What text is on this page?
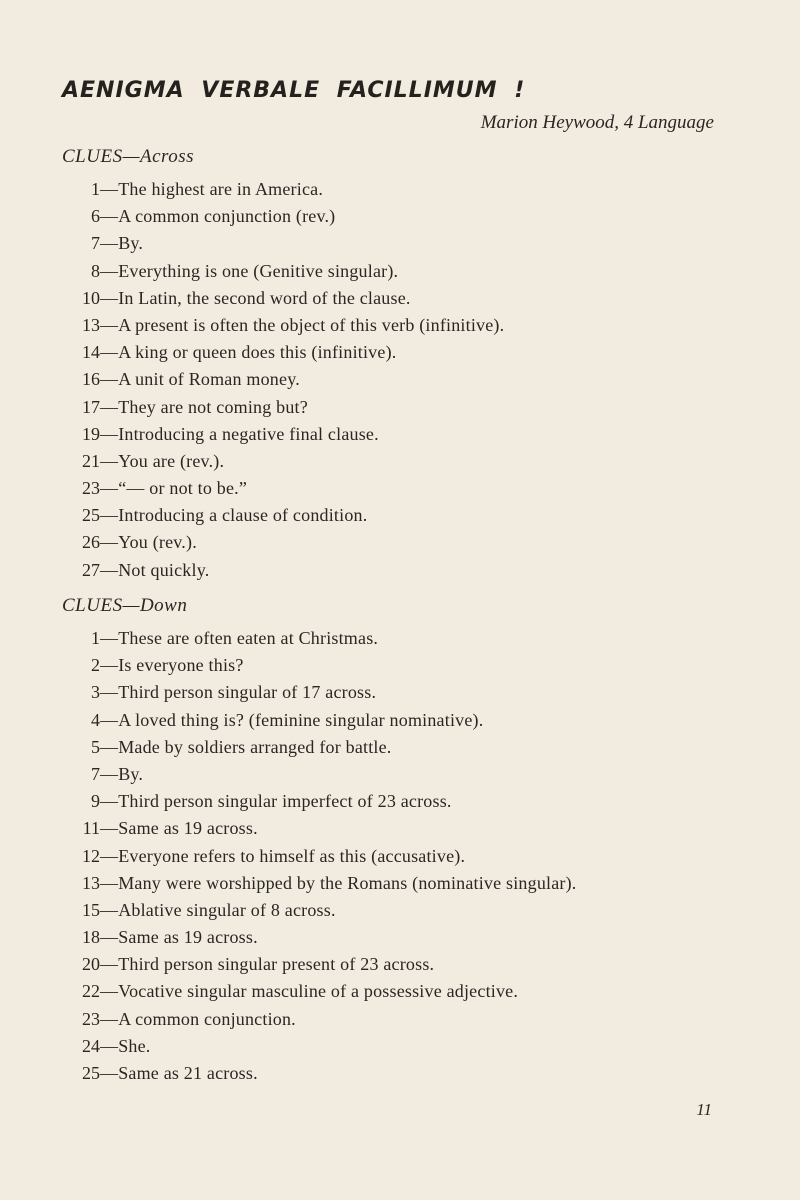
AENIGMA VERBALE FACILLIMUM !
Marion Heywood, 4 Language
CLUES—Across
1 —The highest are in America.
6 —A common conjunction (rev.)
7 —By.
8 —Everything is one (Genitive singular).
10 —In Latin, the second word of the clause.
13 —A present is often the object of this verb (infinitive).
14 —A king or queen does this (infinitive).
16 —A unit of Roman money.
17 —They are not coming but?
19 —Introducing a negative final clause.
21 —You are (rev.).
23 —“— or not to be.”
25 —Introducing a clause of condition.
26 —You (rev.).
27 —Not quickly.
CLUES—Down
1 —These are often eaten at Christmas.
2 —Is everyone this?
3 —Third person singular of 17 across.
4 —A loved thing is? (feminine singular nominative).
5 —Made by soldiers arranged for battle.
7 —By.
9 —Third person singular imperfect of 23 across.
11 —Same as 19 across.
12 —Everyone refers to himself as this (accusative).
13 —Many were worshipped by the Romans (nominative singular).
15 —Ablative singular of 8 across.
18 —Same as 19 across.
20 —Third person singular present of 23 across.
22 —Vocative singular masculine of a possessive adjective.
23 —A common conjunction.
24 —She.
25 —Same as 21 across.
11
